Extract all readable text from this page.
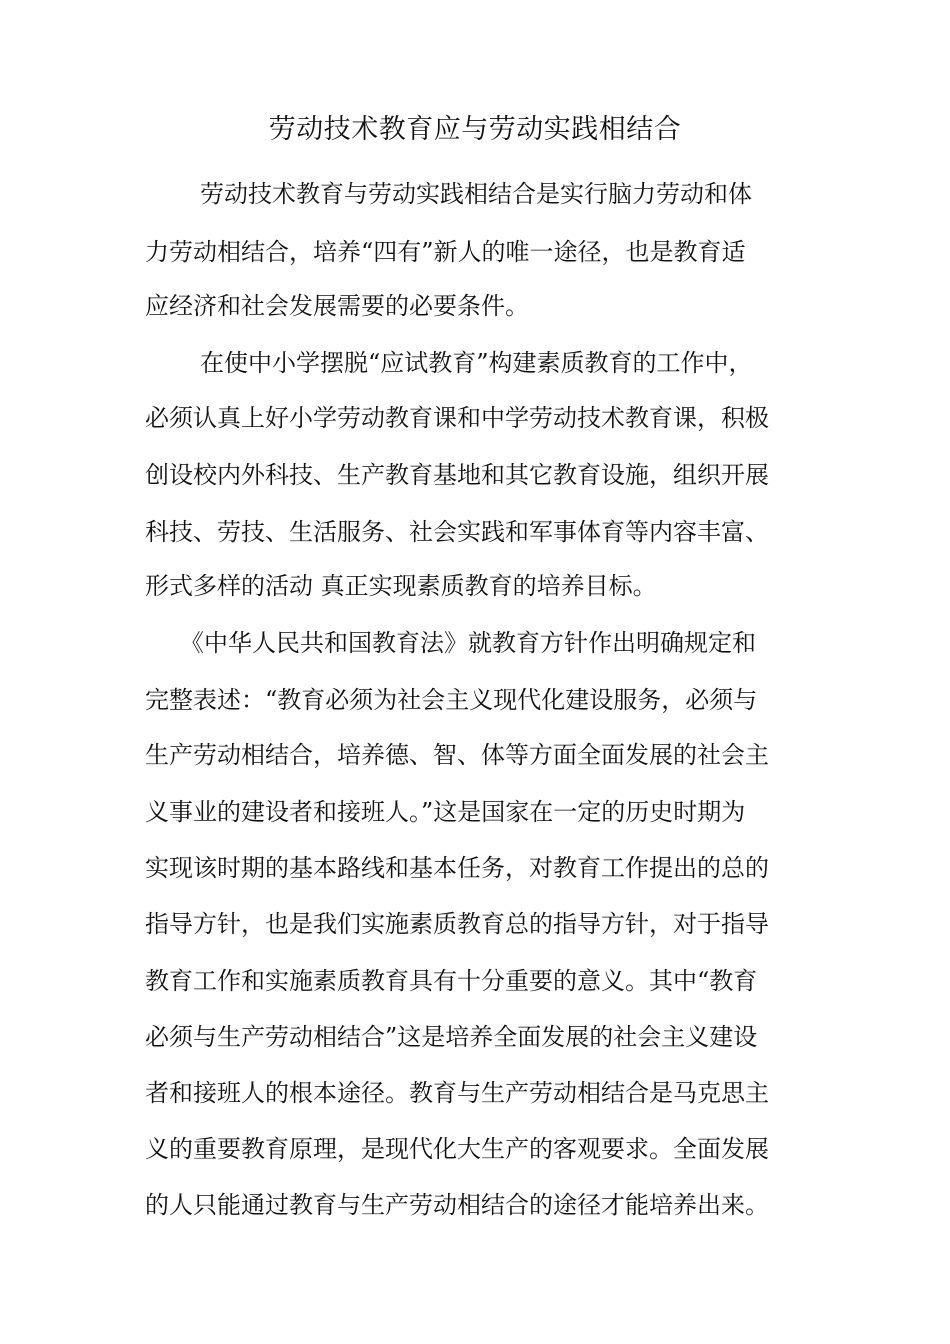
劳动技术教育应与劳动实践相结合
劳动技术教育与劳动实践相结合是实行脑力劳动和体
力劳动相结合，培养“四有”新人的唯一途径，也是教育适
应经济和社会发展需要的必要条件。
在使中小学摆脱“应试教育”构建素质教育的工作中，
必须认真上好小学劳动教育课和中学劳动技术教育课，积极
创设校内外科技、生产教育基地和其它教育设施，组织开展
科技、劳技、生活服务、社会实践和军事体育等内容丰富、
形式多样的活动 真正实现素质教育的培养目标。
《中华人民共和国教育法》就教育方针作出明确规定和
完整表述：“教育必须为社会主义现代化建设服务，必须与
生产劳动相结合，培养德、智、体等方面全面发展的社会主
义事业的建设者和接班人。”这是国家在一定的历史时期为
实现该时期的基本路线和基本任务，对教育工作提出的总的
指导方针，也是我们实施素质教育总的指导方针，对于指导
教育工作和实施素质教育具有十分重要的意义。其中“教育
必须与生产劳动相结合”这是培养全面发展的社会主义建设
者和接班人的根本途径。教育与生产劳动相结合是马克思主
义的重要教育原理，是现代化大生产的客观要求。全面发展
的人只能通过教育与生产劳动相结合的途径才能培养出来。
